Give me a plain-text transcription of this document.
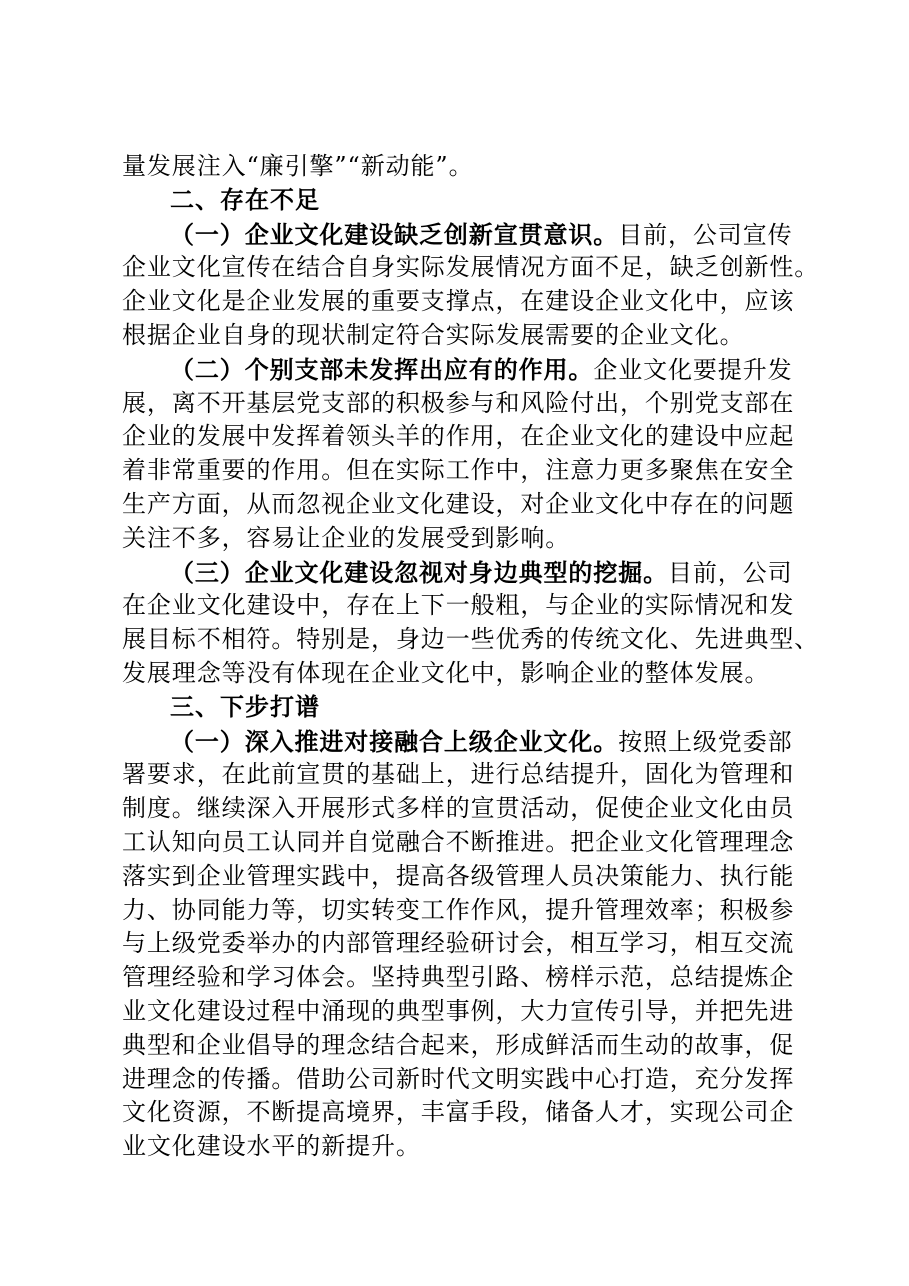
量发展注入“廉引擎”“新动能”。
二、存在不足
（一）企业文化建设缺乏创新宣贯意识。目前，公司宣传
企业文化宣传在结合自身实际发展情况方面不足，缺乏创新性。
企业文化是企业发展的重要支撑点，在建设企业文化中，应该
根据企业自身的现状制定符合实际发展需要的企业文化。
（二）个别支部未发挥出应有的作用。企业文化要提升发
展，离不开基层党支部的积极参与和风险付出，个别党支部在
企业的发展中发挥着领头羊的作用，在企业文化的建设中应起
着非常重要的作用。但在实际工作中，注意力更多聚焦在安全
生产方面，从而忽视企业文化建设，对企业文化中存在的问题
关注不多，容易让企业的发展受到影响。
（三）企业文化建设忽视对身边典型的挖掘。目前，公司
在企业文化建设中，存在上下一般粗，与企业的实际情况和发
展目标不相符。特别是，身边一些优秀的传统文化、先进典型、
发展理念等没有体现在企业文化中，影响企业的整体发展。
三、下步打谱
（一）深入推进对接融合上级企业文化。按照上级党委部
署要求，在此前宣贯的基础上，进行总结提升，固化为管理和
制度。继续深入开展形式多样的宣贯活动，促使企业文化由员
工认知向员工认同并自觉融合不断推进。把企业文化管理理念
落实到企业管理实践中，提高各级管理人员决策能力、执行能
力、协同能力等，切实转变工作作风，提升管理效率；积极参
与上级党委举办的内部管理经验研讨会，相互学习，相互交流
管理经验和学习体会。坚持典型引路、榜样示范，总结提炼企
业文化建设过程中涌现的典型事例，大力宣传引导，并把先进
典型和企业倡导的理念结合起来，形成鲜活而生动的故事，促
进理念的传播。借助公司新时代文明实践中心打造，充分发挥
文化资源，不断提高境界，丰富手段，储备人才，实现公司企
业文化建设水平的新提升。
